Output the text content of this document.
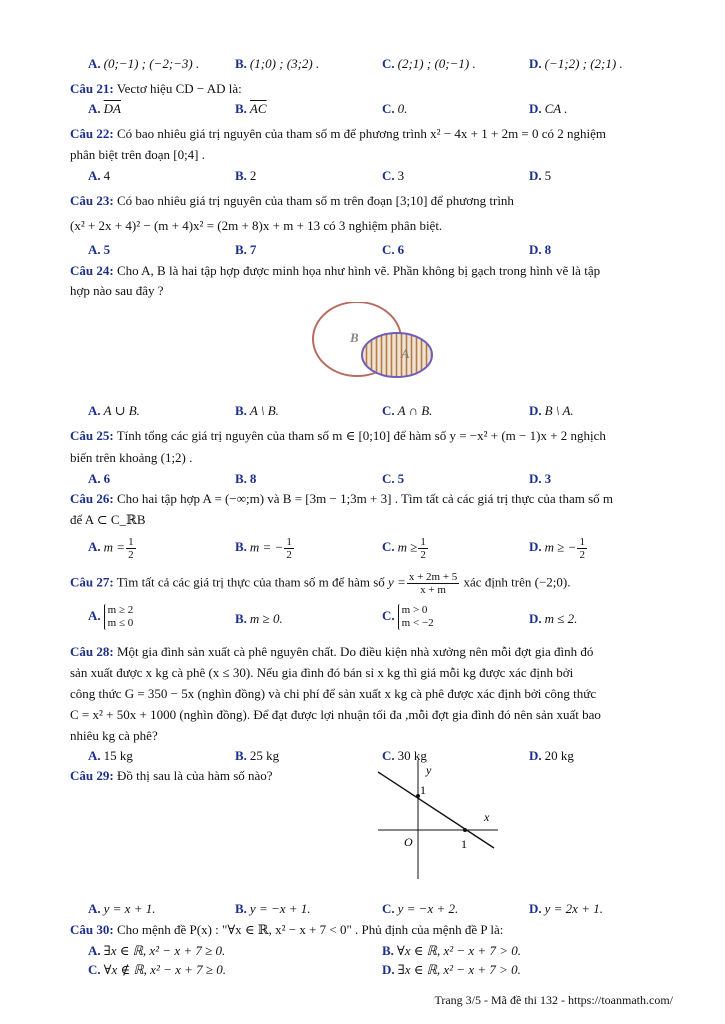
A. (0;−1) ; (−2;−3) .	B. (1;0) ; (3;2) .	C. (2;1) ; (0;−1) .	D. (−1;2) ; (2;1) .
Câu 21: Vectơ hiệu CD − AD là:
A. $\overline{DA}$	B. $\overline{AC}$	C. 0.	D. CA .
Câu 22: Có bao nhiêu giá trị nguyên của tham số m để phương trình x² − 4x + 1 + 2m = 0 có 2 nghiệm
phân biệt trên đoạn [0;4] .
A. 4	B. 2	C. 3	D. 5
Câu 23: Có bao nhiêu giá trị nguyên của tham số m trên đoạn [3;10] để phương trình
(x² + 2x + 4)² − (m + 4)x² = (2m + 8)x + m + 13 có 3 nghiệm phân biệt.
A. 5	B. 7	C. 6	D. 8
Câu 24: Cho A, B là hai tập hợp được minh họa như hình vẽ. Phần không bị gạch trong hình vẽ là tập
hợp nào sau đây ?
B
A
A. A ∪ B.	B. A \ B.	C. A ∩ B.	D. B \ A.
Câu 25: Tính tổng các giá trị nguyên của tham số m ∈ [0;10] để hàm số y = −x² + (m − 1)x + 2 nghịch
biến trên khoảng (1;2) .
A. 6	B. 8	C. 5	D. 3
Câu 26: Cho hai tập hợp A = (−∞;m) và B = [3m − 1;3m + 3] . Tìm tất cả các giá trị thực của tham số m
để A ⊂ C_ℝB
A. $m = \frac{1}{2}$	B. m = − $\frac{1}{2}$	C. $m \ge \frac{1}{2}$	D. m ≥ − $\frac{1}{2}$
Câu 27: Tìm tất cả các giá trị thực của tham số m để hàm số $y = \frac{x + 2m + 5}{x + m}$ xác định trên (−2;0).
A. m ≥ 2
m ≤ 0	B. m ≥ 0.	C. m > 0
m < −2	D. m ≤ 2.
Câu 28: Một gia đình sản xuất cà phê nguyên chất. Do điều kiện nhà xưởng nên mỗi đợt gia đình đó
sản xuất được x kg cà phê (x ≤ 30). Nếu gia đình đó bán sỉ x kg thì giá mỗi kg được xác định bởi
công thức G = 350 − 5x (nghìn đồng) và chi phí để sản xuất x kg cà phê được xác định bởi công thức
C = x² + 50x + 1000 (nghìn đồng). Để đạt được lợi nhuận tối đa ,mỗi đợt gia đình đó nên sản xuất bao
nhiêu kg cà phê?
A. 15 kg	B. 25 kg	C. 30 kg	D. 20 kg
Câu 29: Đồ thị sau là của hàm số nào?	y
x
O
1
1
A. y = x + 1.	B. y = −x + 1.	C. y = −x + 2.	D. y = 2x + 1.
Câu 30: Cho mệnh đề P(x) : "∀x ∈ ℝ, x² − x + 7 < 0" . Phủ định của mệnh đề P là:
A. ∃x ∈ ℝ, x² − x + 7 ≥ 0.	B. ∀x ∈ ℝ, x² − x + 7 > 0.
C. ∀x ∉ ℝ, x² − x + 7 ≥ 0.	D. ∃x ∈ ℝ, x² − x + 7 > 0.
Trang 3/5 - Mã đề thi 132 - https://toanmath.com/
